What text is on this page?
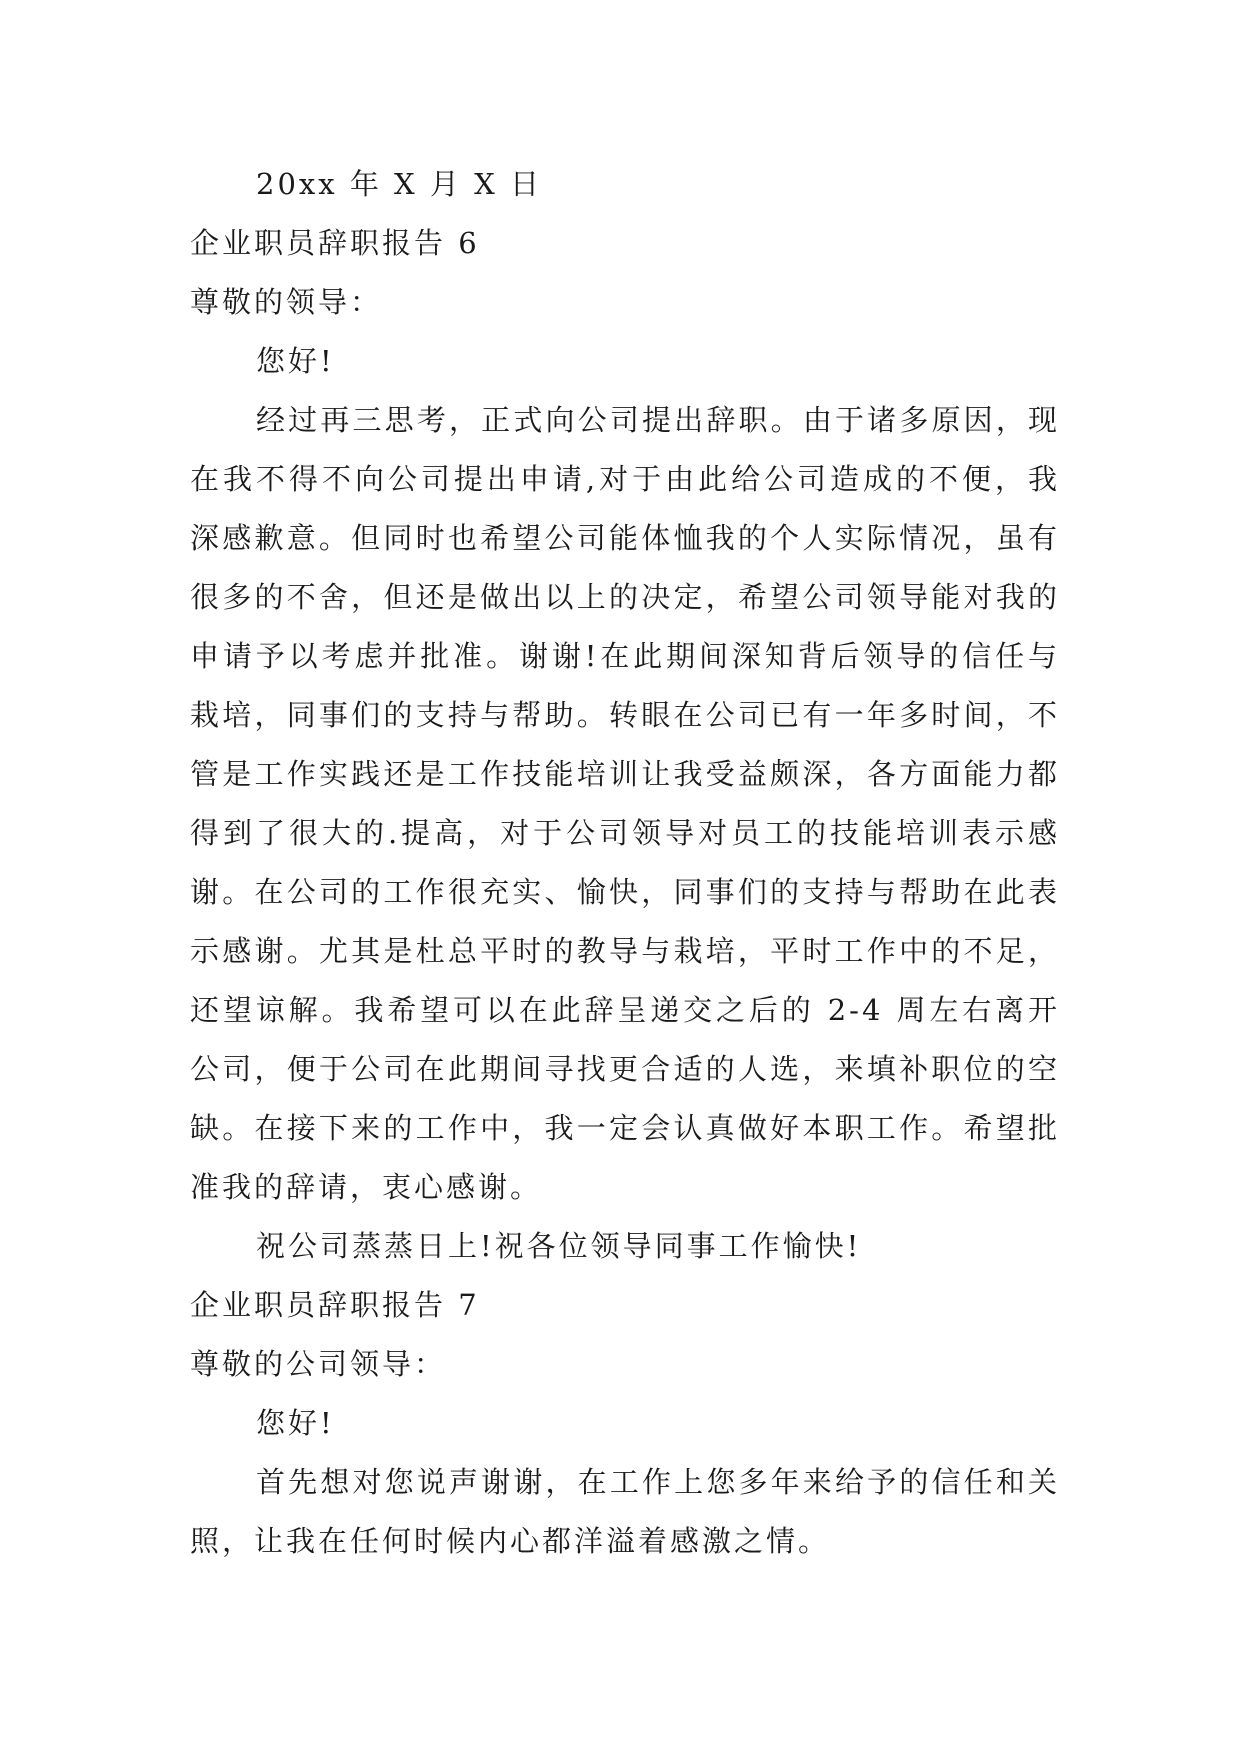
20xx 年 X 月 X 日
企业职员辞职报告 6
尊敬的领导：
您好!

经过再三思考，正式向公司提出辞职。由于诸多原因，现在我不得不向公司提出申请,对于由此给公司造成的不便，我深感歉意。但同时也希望公司能体恤我的个人实际情况，虽有很多的不舍，但还是做出以上的决定，希望公司领导能对我的申请予以考虑并批准。谢谢!在此期间深知背后领导的信任与栽培，同事们的支持与帮助。转眼在公司已有一年多时间，不管是工作实践还是工作技能培训让我受益颇深，各方面能力都得到了很大的.提高，对于公司领导对员工的技能培训表示感谢。在公司的工作很充实、愉快，同事们的支持与帮助在此表示感谢。尤其是杜总平时的教导与栽培，平时工作中的不足，还望谅解。我希望可以在此辞呈递交之后的 2-4 周左右离开公司，便于公司在此期间寻找更合适的人选，来填补职位的空缺。在接下来的工作中，我一定会认真做好本职工作。希望批准我的辞请，衷心感谢。

祝公司蒸蒸日上!祝各位领导同事工作愉快!
企业职员辞职报告 7
尊敬的公司领导：
您好!

首先想对您说声谢谢，在工作上您多年来给予的信任和关照，让我在任何时候内心都洋溢着感激之情。
